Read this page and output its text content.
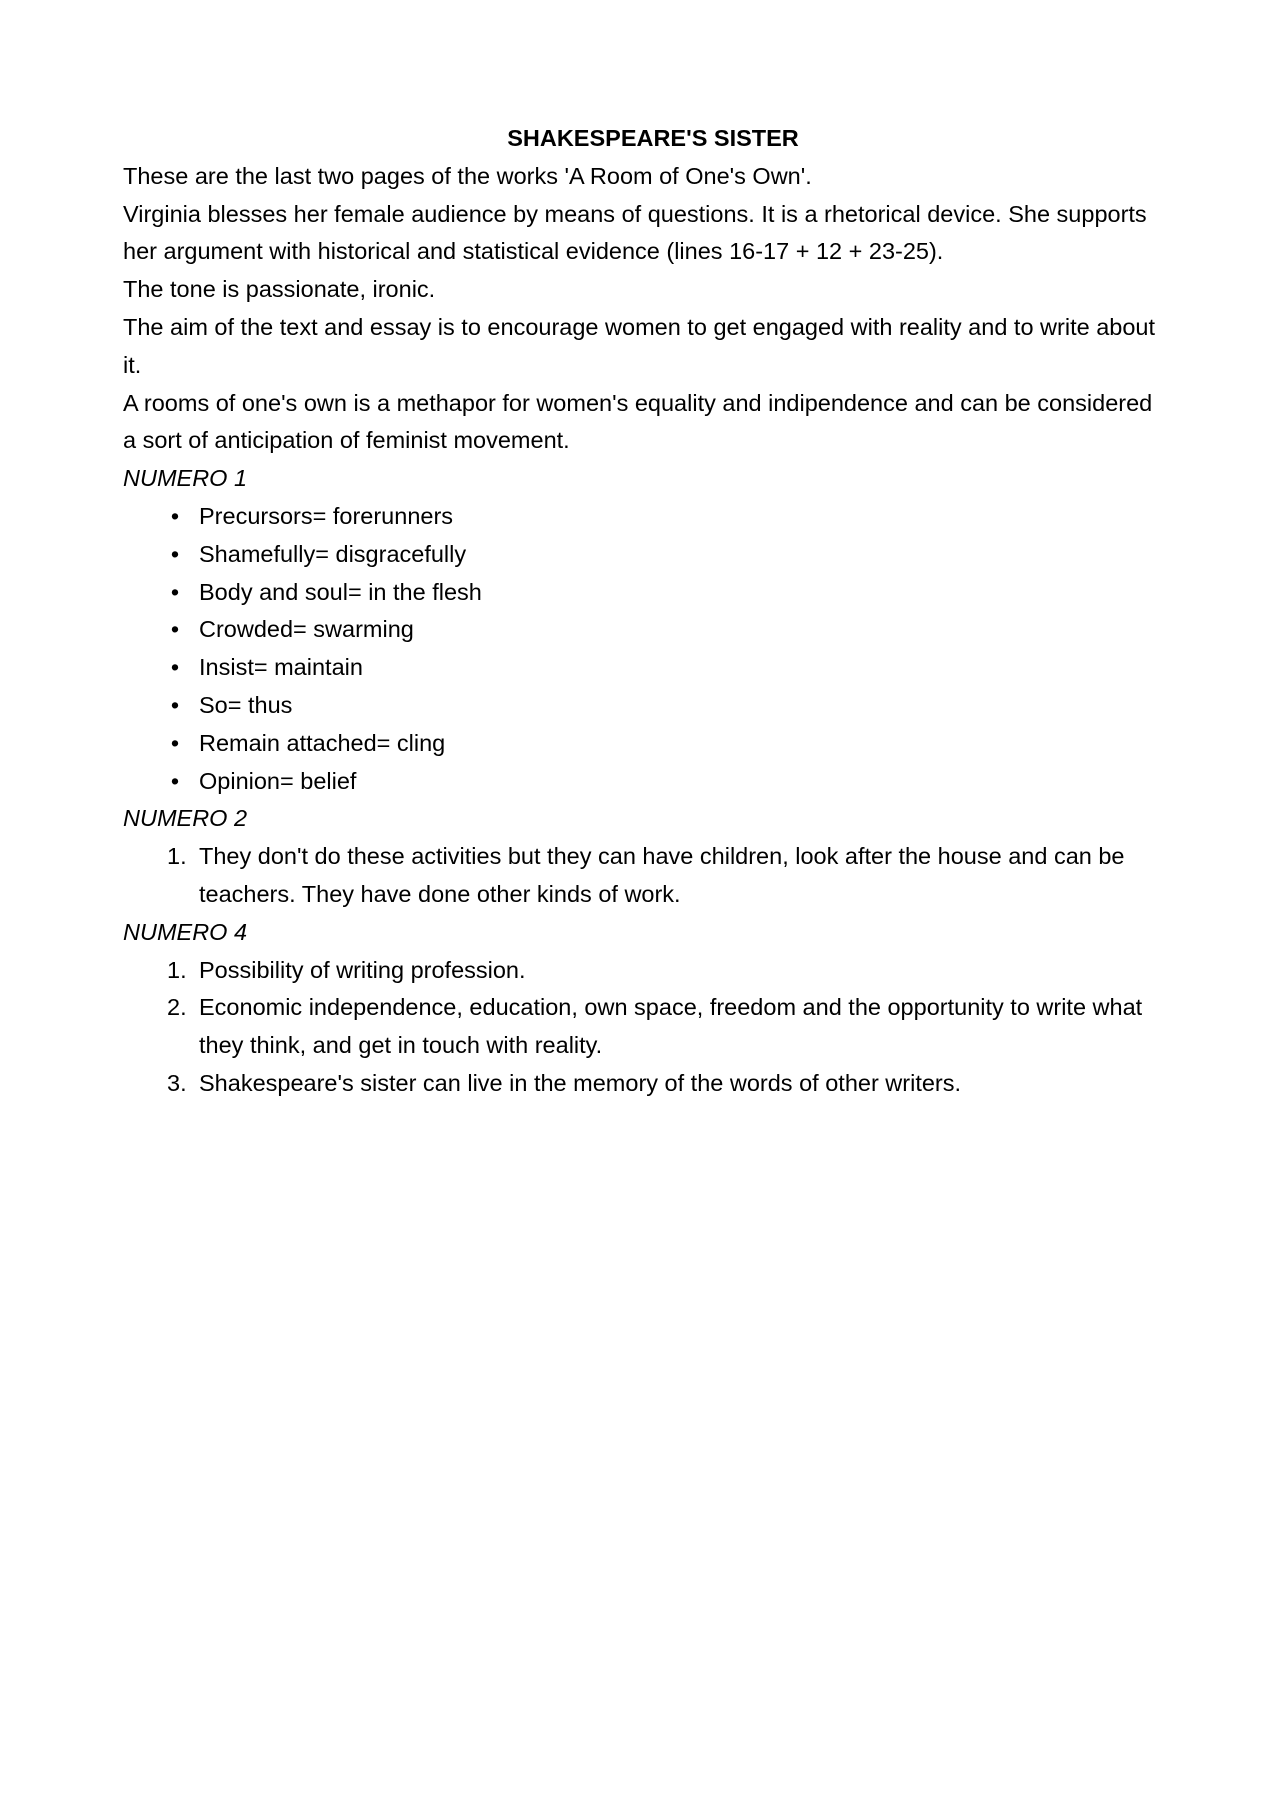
SHAKESPEARE'S SISTER

These are the last two pages of the works 'A Room of One's Own'.

Virginia blesses her female audience by means of questions. It is a rhetorical device. She supports her argument with historical and statistical evidence (lines 16-17 + 12 + 23-25).

The tone is passionate, ironic.

The aim of the text and essay is to encourage women to get engaged with reality and to write about it.

A rooms of one's own is a methapor for women's equality and indipendence and can be considered a sort of anticipation of feminist movement.

NUMERO 1

• Precursors= forerunners
• Shamefully= disgracefully
• Body and soul= in the flesh
• Crowded= swarming
• Insist= maintain
• So= thus
• Remain attached= cling
• Opinion= belief

NUMERO 2

1. They don't do these activities but they can have children, look after the house and can be teachers. They have done other kinds of work.

NUMERO 4

1. Possibility of writing profession.
2. Economic independence, education, own space, freedom and the opportunity to write what they think, and get in touch with reality.
3. Shakespeare's sister can live in the memory of the words of other writers.
